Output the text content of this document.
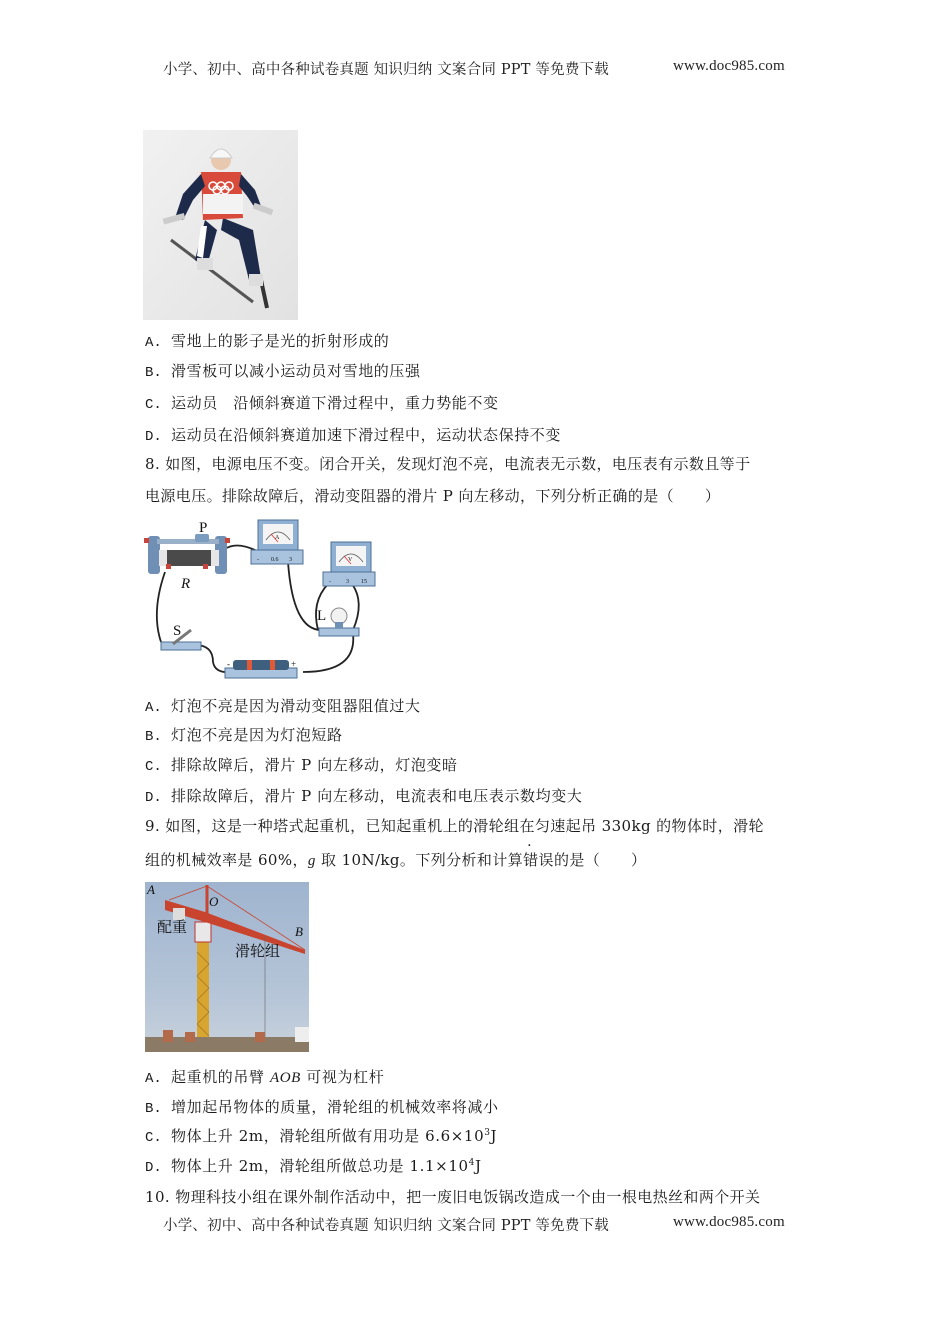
小学、初中、高中各种试卷真题 知识归纳 文案合同 PPT 等免费下载	www.doc985.com
A. 雪地上的影子是光的折射形成的
B. 滑雪板可以减小运动员对雪地的压强
C. 运动员　沿倾斜赛道下滑过程中，重力势能不变
D. 运动员在沿倾斜赛道加速下滑过程中，运动状态保持不变
8. 如图，电源电压不变。闭合开关，发现灯泡不亮，电流表无示数，电压表有示数且等于
电源电压。排除故障后，滑动变阻器的滑片 P 向左移动，下列分析正确的是（　　）
P
R
A
- 0.6 3	V
-	3 15
L
S
-	+
A. 灯泡不亮是因为滑动变阻器阻值过大
B. 灯泡不亮是因为灯泡短路
C. 排除故障后，滑片 P 向左移动，灯泡变暗
D. 排除故障后，滑片 P 向左移动，电流表和电压表示数均变大
9. 如图，这是一种塔式起重机，已知起重机上的滑轮组在匀速起吊 330kg 的物体时，滑轮
组的机械效率是 60%，g 取 10N/kg。下列分析和计算错误的是（　　）
A
O
B
配重
滑轮组
A. 起重机的吊臂 AOB 可视为杠杆
B. 增加起吊物体的质量，滑轮组的机械效率将减小
C. 物体上升 2m，滑轮组所做有用功是 $6.6\times 10^3J$
D. 物体上升 2m，滑轮组所做总功是 $1.1\times 10^4J$
10. 物理科技小组在课外制作活动中，把一废旧电饭锅改造成一个由一根电热丝和两个开关
小学、初中、高中各种试卷真题 知识归纳 文案合同 PPT 等免费下载	www.doc985.com
